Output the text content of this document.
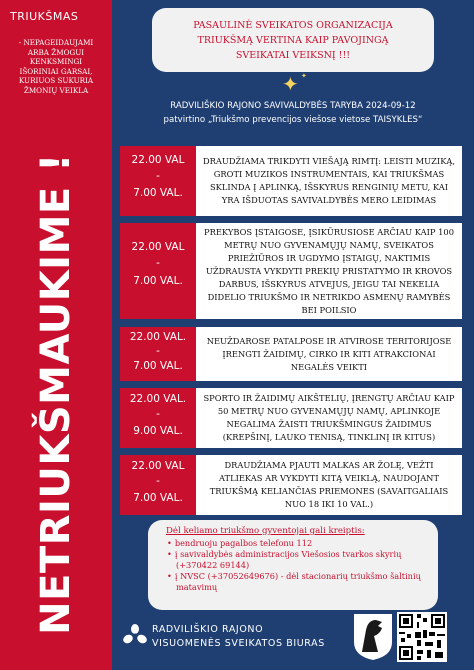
TRIUKŠMAS
- NEPAGEIDAUJAMI
ARBA ŽMOGUI
KENKSMINGI
IŠORINIAI GARSAI,
KURIUOS SUKURIA
ŽMONIŲ VEIKLA
NETRIUKŠMAUKIME !
PASAULINĖ SVEIKATOS ORGANIZACIJA
TRIUKŠMĄ VERTINA KAIP PAVOJINGĄ
SVEIKATAI VEIKSNĮ !!!
✦ ✦
RADVILIŠKIO RAJONO SAVIVALDYBĖS TARYBA 2024-09-12
patvirtino „Triukšmo prevencijos viešose vietose TAISYKLES“
22.00 VAL
-
7.00 VAL.
DRAUDŽIAMA TRIKDYTI VIEŠAJĄ RIMTĮ: LEISTI MUZIKĄ, GROTI MUZIKOS INSTRUMENTAIS, KAI TRIUKŠMAS SKLINDA Į APLINKĄ, IŠSKYRUS RENGINIŲ METU, KAI YRA IŠDUOTAS SAVIVALDYBĖS MERO LEIDIMAS
22.00 VAL
-
7.00 VAL.
PREKYBOS ĮSTAIGOSE, ĮSIKŪRUSIOSE ARČIAU KAIP 100 METRŲ NUO GYVENAMŲJŲ NAMŲ, SVEIKATOS PRIEŽIŪROS IR UGDYMO ĮSTAIGŲ, NAKTIMIS UŽDRAUSTA VYKDYTI PREKIŲ PRISTATYMO IR KROVOS DARBUS, IŠSKYRUS ATVEJUS, JEIGU TAI NEKELIA DIDELIO TRIUKŠMO IR NETRIKDO ASMENŲ RAMYBĖS BEI POILSIO
22.00 VAL.
-
7.00 VAL.
NEUŽDAROSE PATALPOSE IR ATVIROSE TERITORIJOSE ĮRENGTI ŽAIDIMŲ, CIRKO IR KITI ATRAKCIONAI NEGALĖS VEIKTI
22.00 VAL.
-
9.00 VAL.
SPORTO IR ŽAIDIMŲ AIKŠTELIŲ, ĮRENGTŲ ARČIAU KAIP 50 METRŲ NUO GYVENAMŲJŲ NAMŲ, APLINKOJE NEGALIMA ŽAISTI TRIUKŠMINGUS ŽAIDIMUS (KREPŠINĮ, LAUKO TENISĄ, TINKLINĮ IR KITUS)
22.00 VAL
-
7.00 VAL.
DRAUDŽIAMA PJAUTI MALKAS AR ŽOLĘ, VEŽTI ATLIEKAS AR VYKDYTI KITĄ VEIKLĄ, NAUDOJANT TRIUKŠMĄ KELIANČIAS PRIEMONES (SAVAITGALIAIS NUO 18 IKI 10 VAL.)
Dėl keliamo triukšmo gyventojai gali kreiptis:
• bendruoju pagalbos telefonu 112
• į savivaldybės administracijos Viešosios tvarkos skyrių (+370422 69144)
• į NVSC (+37052649676) - dėl stacionarių triukšmo šaltinių matavimų
RADVILIŠKIO RAJONO
VISUOMENĖS SVEIKATOS BIURAS
